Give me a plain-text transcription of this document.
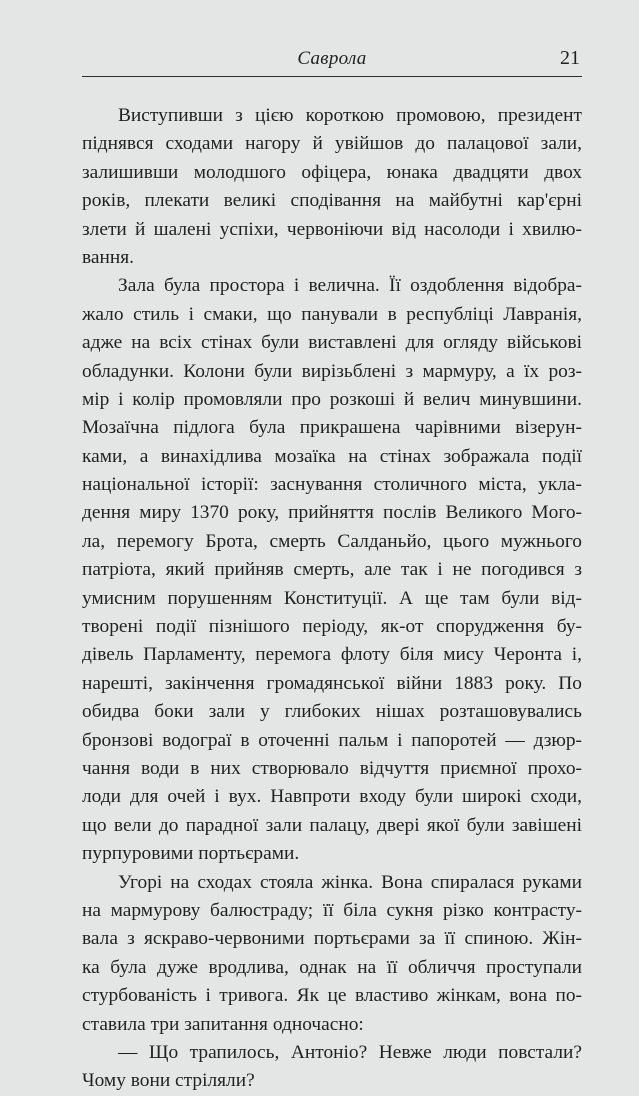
Саврола	21
Виступивши з цією короткою промовою, президент
піднявся сходами нагору й увійшов до палацової зали,
залишивши молодшого офіцера, юнака двадцяти двох
років, плекати великі сподівання на майбутні кар'єрні
злети й шалені успіхи, червоніючи від насолоди і хвилю-
вання.
Зала була простора і велична. Її оздоблення відобра-
жало стиль і смаки, що панували в республіці Лавранія,
адже на всіх стінах були виставлені для огляду військові
обладунки. Колони були вирізьблені з мармуру, а їх роз-
мір і колір промовляли про розкоші й велич минувшини.
Мозаїчна підлога була прикрашена чарівними візерун-
ками, а винахідлива мозаїка на стінах зображала події
національної історії: заснування столичного міста, укла-
дення миру 1370 року, прийняття послів Великого Moго-
ла, перемогу Брота, смерть Салданьйо, цього мужнього
патріота, який прийняв смерть, але так і не погодився з
умисним порушенням Конституції. А ще там були від-
творені події пізнішого періоду, як-от спорудження бу-
дівель Парламенту, перемога флоту біля мису Черонта і,
нарешті, закінчення громадянської війни 1883 року. По
обидва боки зали у глибоких нішах розташовувались
бронзові водограї в оточенні пальм і папоротей — дзюр-
чання води в них створювало відчуття приємної прохо-
лоди для очей і вух. Навпроти входу були широкі сходи,
що вели до парадної зали палацу, двері якої були завішені
пурпуровими портьєрами.
Угорі на сходах стояла жінка. Вона спиралася руками
на мармурову балюстраду; її біла сукня різко контрасту-
вала з яскраво-червоними портьєрами за її спиною. Жін-
ка була дуже вродлива, однак на її обличчя проступали
стурбованість і тривога. Як це властиво жінкам, вона по-
ставила три запитання одночасно:
— Що трапилось, Антоніо? Невже люди повстали?
Чому вони стріляли?
